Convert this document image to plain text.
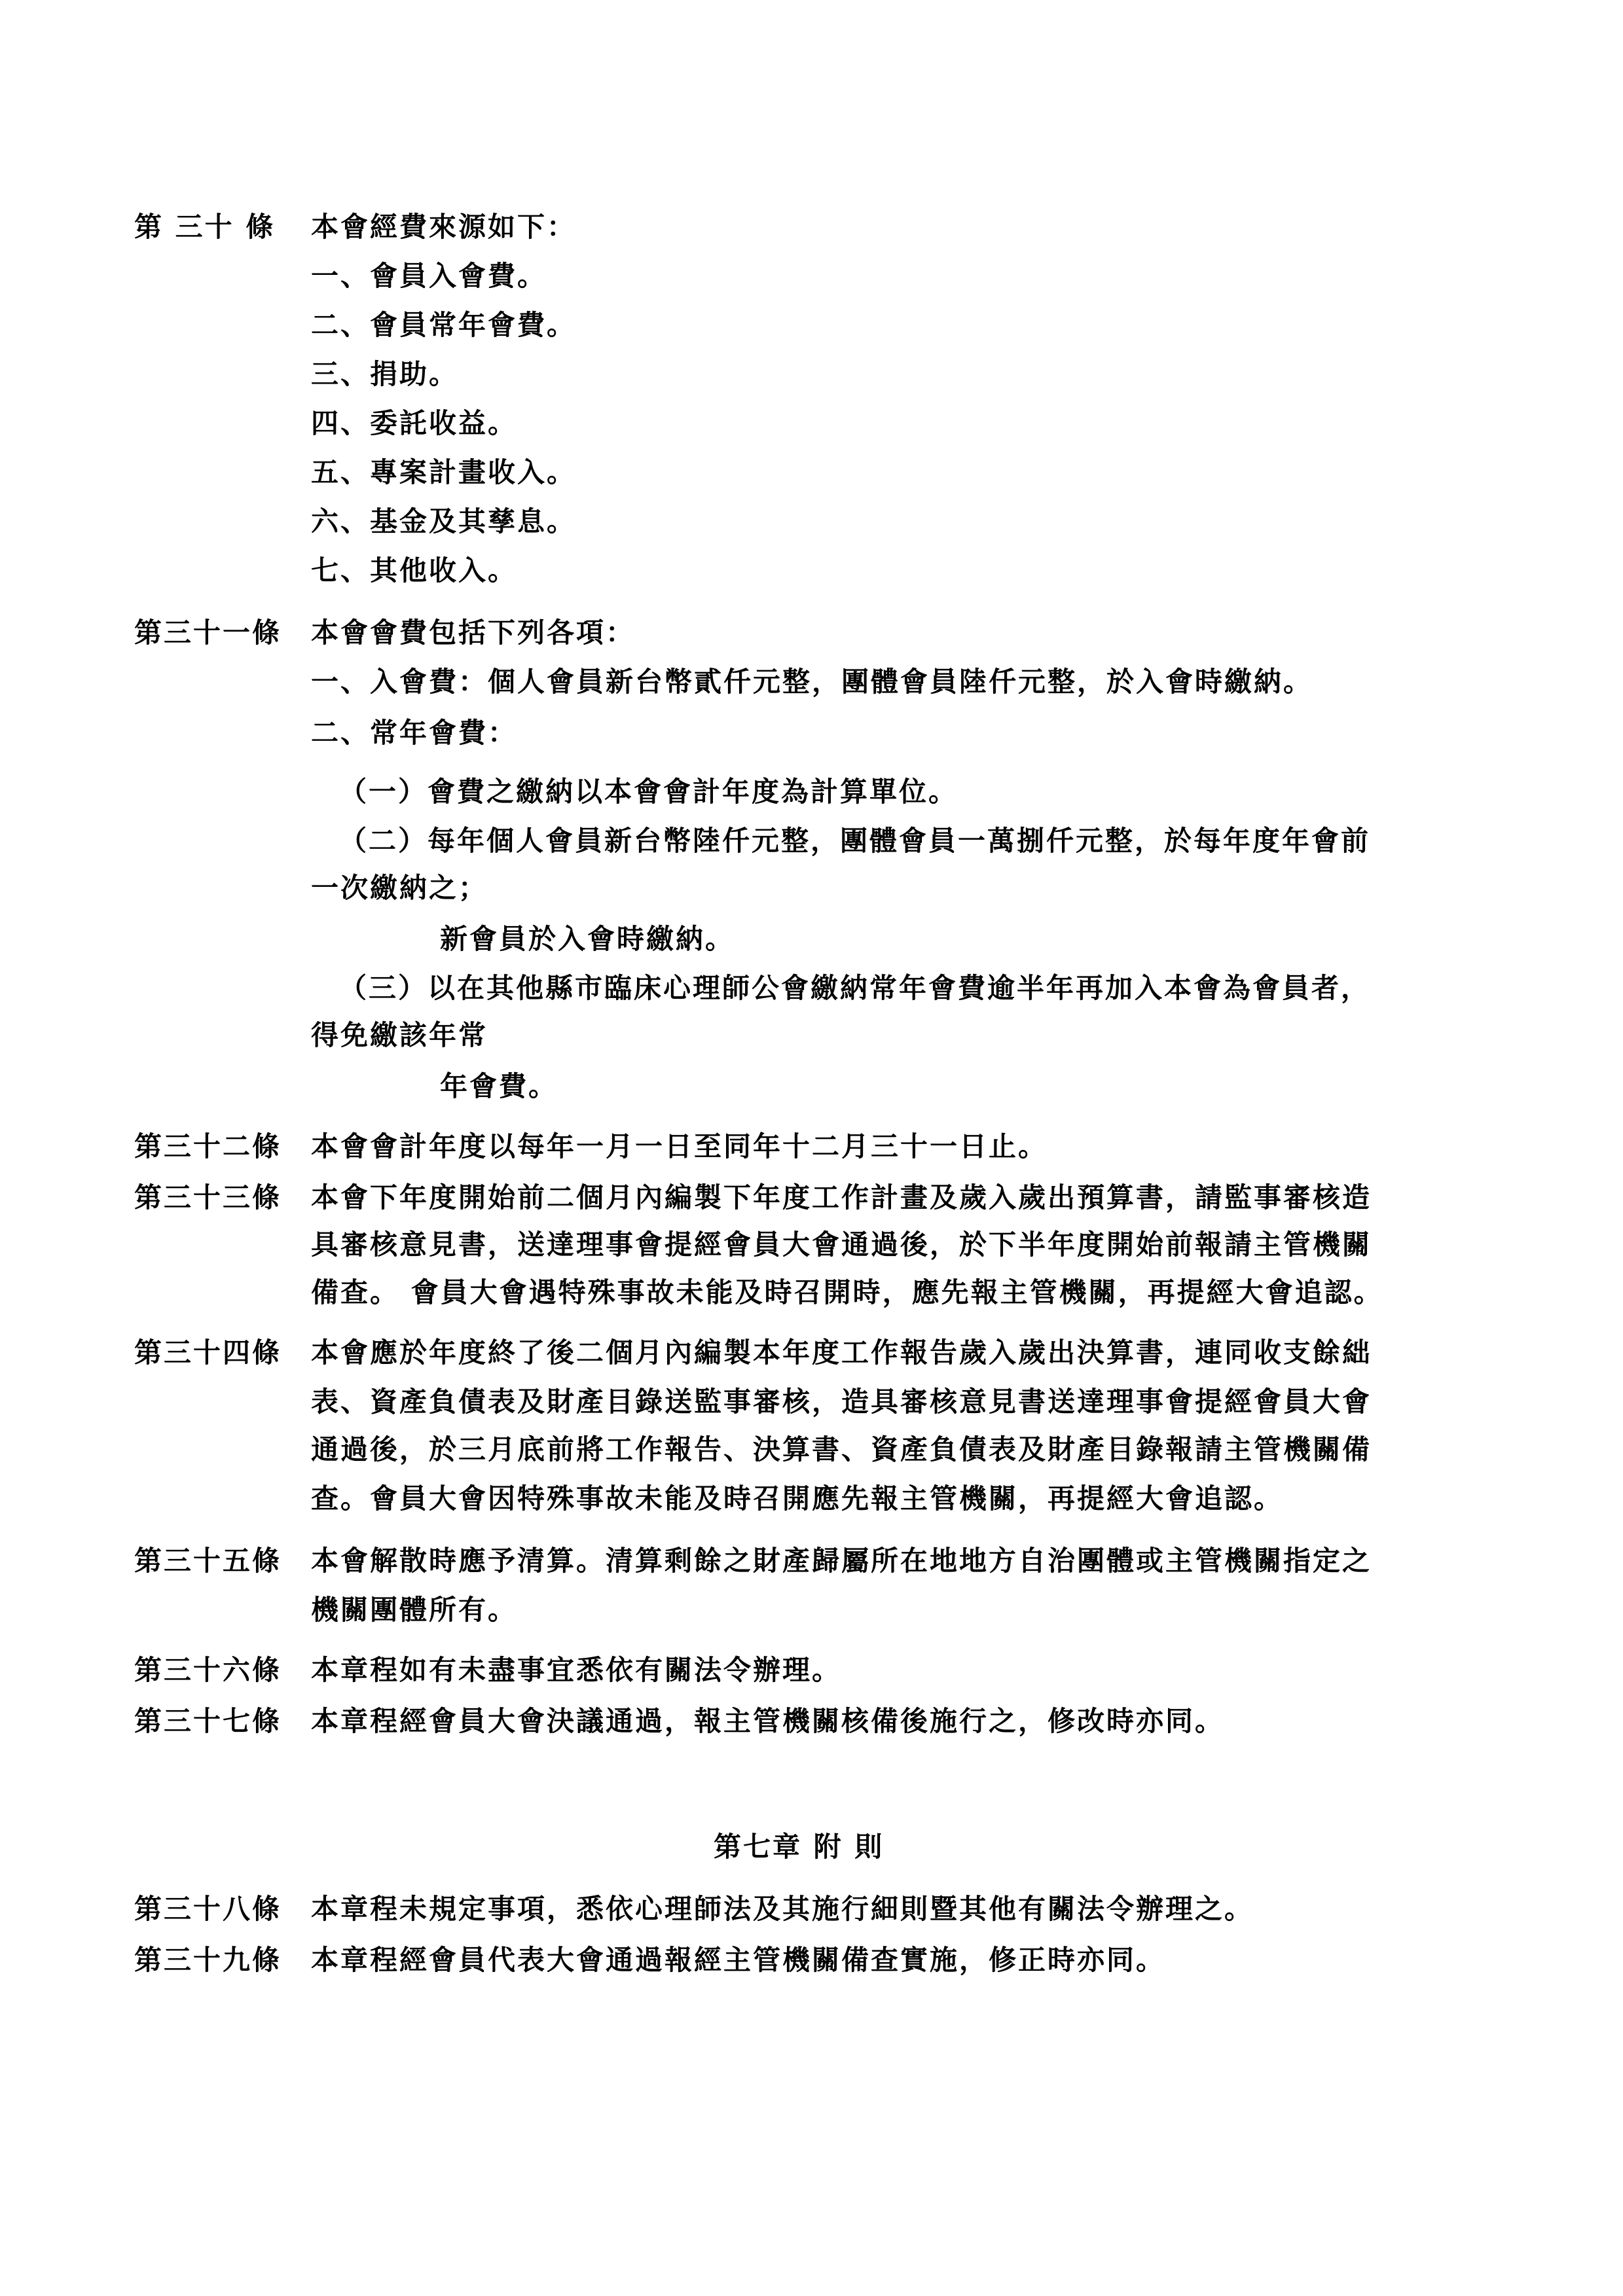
第 三十 條 本會經費來源如下：
一、會員入會費。
二、會員常年會費。
三、捐助。
四、委託收益。
五、專案計畫收入。
六、基金及其孳息。
七、其他收入。
第三十一條 本會會費包括下列各項：
一、入會費：個人會員新台幣貳仟元整，團體會員陸仟元整，於入會時繳納。
二、常年會費：
（一）會費之繳納以本會會計年度為計算單位。
（二）每年個人會員新台幣陸仟元整，團體會員一萬捌仟元整，於每年度年會前
一次繳納之；
新會員於入會時繳納。
（三）以在其他縣市臨床心理師公會繳納常年會費逾半年再加入本會為會員者，
得免繳該年常
年會費。
第三十二條 本會會計年度以每年一月一日至同年十二月三十一日止。
第三十三條 本會下年度開始前二個月內編製下年度工作計畫及歲入歲出預算書，請監事審核造
具審核意見書，送達理事會提經會員大會通過後，於下半年度開始前報請主管機關
備查。 會員大會遇特殊事故未能及時召開時，應先報主管機關，再提經大會追認。
第三十四條 本會應於年度終了後二個月內編製本年度工作報告歲入歲出決算書，連同收支餘絀
表、資產負債表及財產目錄送監事審核，造具審核意見書送達理事會提經會員大會
通過後，於三月底前將工作報告、決算書、資產負債表及財產目錄報請主管機關備
查。會員大會因特殊事故未能及時召開應先報主管機關，再提經大會追認。
第三十五條 本會解散時應予清算。清算剩餘之財產歸屬所在地地方自治團體或主管機關指定之
機關團體所有。
第三十六條 本章程如有未盡事宜悉依有關法令辦理。
第三十七條 本章程經會員大會決議通過，報主管機關核備後施行之，修改時亦同。
第七章 附 則
第三十八條 本章程未規定事項，悉依心理師法及其施行細則暨其他有關法令辦理之。
第三十九條 本章程經會員代表大會通過報經主管機關備查實施，修正時亦同。
